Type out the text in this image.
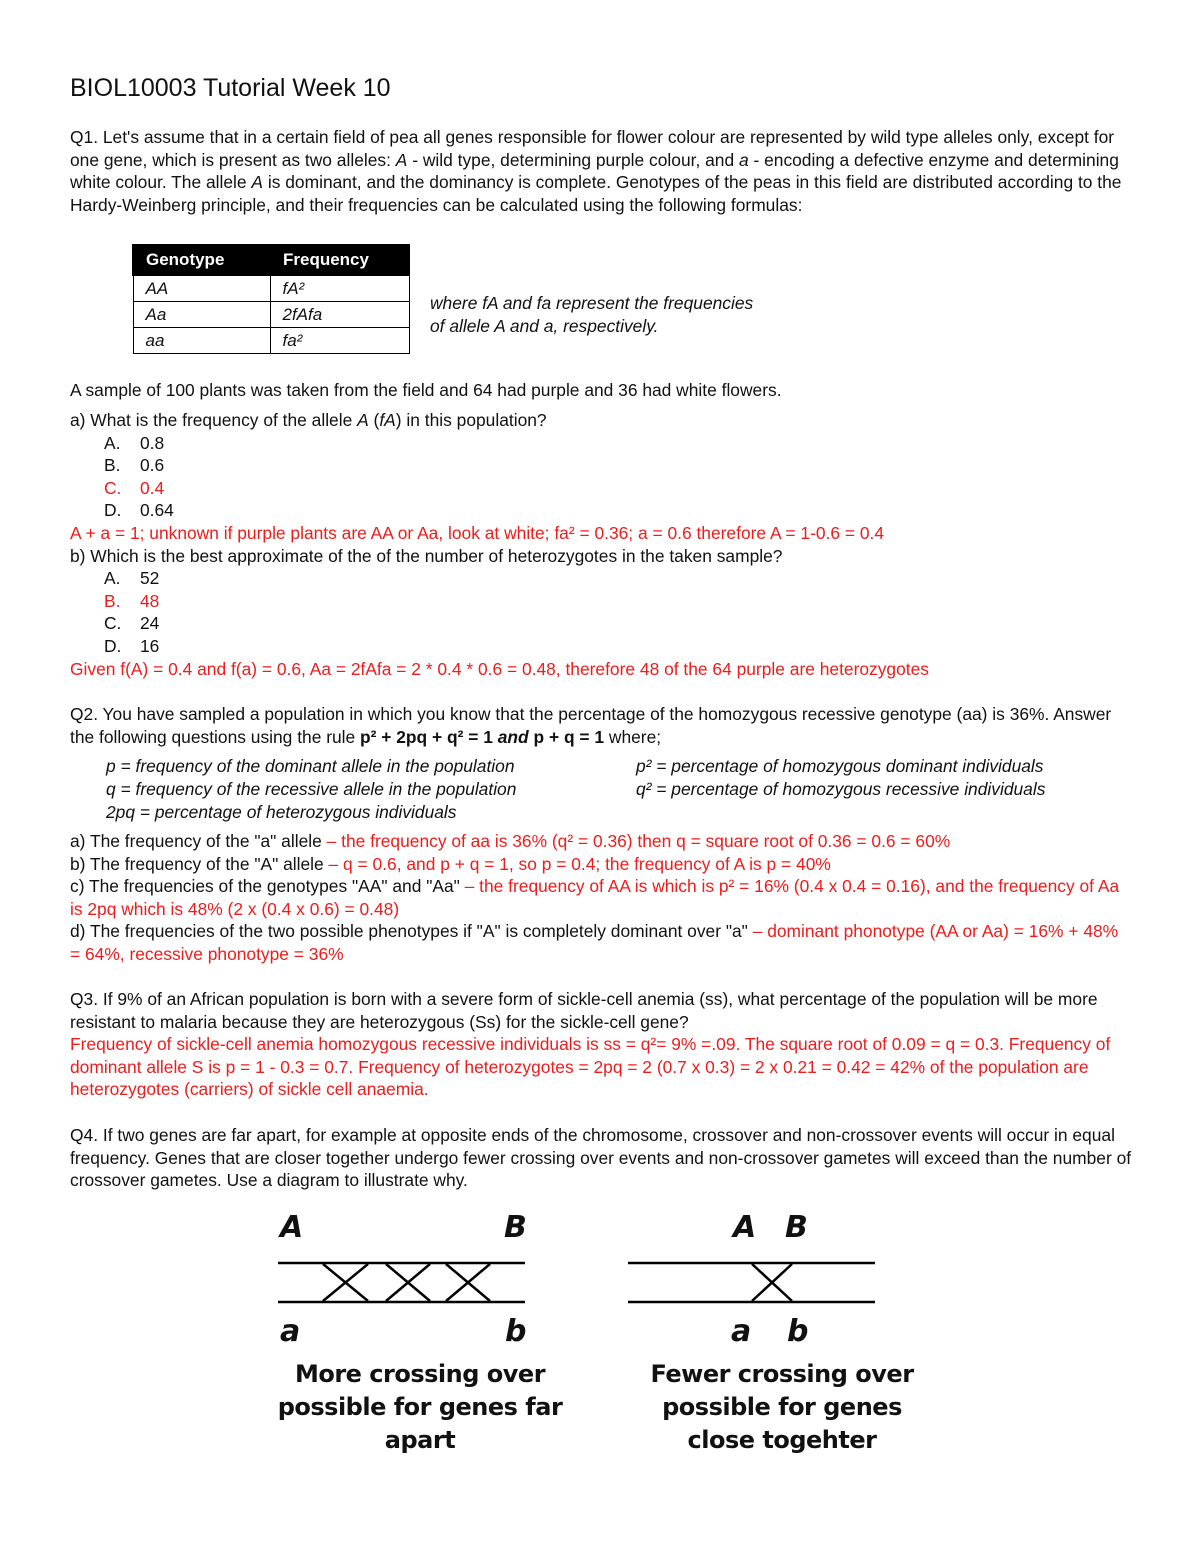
BIOL10003 Tutorial Week 10
Q1. Let's assume that in a certain field of pea all genes responsible for flower colour are represented by wild type alleles only, except for one gene, which is present as two alleles: A - wild type, determining purple colour, and a - encoding a defective enzyme and determining white colour. The allele A is dominant, and the dominancy is complete. Genotypes of the peas in this field are distributed according to the Hardy-Weinberg principle, and their frequencies can be calculated using the following formulas:
Genotype	Frequency
AA	fA²
Aa	2fAfa
aa	fa²
where fA and fa represent the frequencies
of allele A and a, respectively.
A sample of 100 plants was taken from the field and 64 had purple and 36 had white flowers.
a) What is the frequency of the allele A (fA) in this population?
A. 0.8
B. 0.6
C. 0.4
D. 0.64
A + a = 1; unknown if purple plants are AA or Aa, look at white; fa² = 0.36; a = 0.6 therefore A = 1-0.6 = 0.4
b) Which is the best approximate of the of the number of heterozygotes in the taken sample?
A. 52
B. 48
C. 24
D. 16
Given f(A) = 0.4 and f(a) = 0.6, Aa = 2fAfa = 2 * 0.4 * 0.6 = 0.48, therefore 48 of the 64 purple are heterozygotes
Q2. You have sampled a population in which you know that the percentage of the homozygous recessive genotype (aa) is 36%. Answer the following questions using the rule p² + 2pq + q² = 1 and p + q = 1 where;
p = frequency of the dominant allele in the population
q = frequency of the recessive allele in the population
2pq = percentage of heterozygous individuals
p² = percentage of homozygous dominant individuals
q² = percentage of homozygous recessive individuals
a) The frequency of the "a" allele – the frequency of aa is 36% (q² = 0.36) then q = square root of 0.36 = 0.6 = 60%
b) The frequency of the "A" allele – q = 0.6, and p + q = 1, so p = 0.4; the frequency of A is p = 40%
c) The frequencies of the genotypes "AA" and "Aa" – the frequency of AA is which is p² = 16% (0.4 x 0.4 = 0.16), and the frequency of Aa is 2pq which is 48% (2 x (0.4 x 0.6) = 0.48)
d) The frequencies of the two possible phenotypes if "A" is completely dominant over "a" – dominant phonotype (AA or Aa) = 16% + 48% = 64%, recessive phonotype = 36%
Q3. If 9% of an African population is born with a severe form of sickle-cell anemia (ss), what percentage of the population will be more resistant to malaria because they are heterozygous (Ss) for the sickle-cell gene?
Frequency of sickle-cell anemia homozygous recessive individuals is ss = q²= 9% =.09. The square root of 0.09 = q = 0.3. Frequency of dominant allele S is p = 1 - 0.3 = 0.7. Frequency of heterozygotes = 2pq = 2 (0.7 x 0.3) = 2 x 0.21 = 0.42 = 42% of the population are heterozygotes (carriers) of sickle cell anaemia.
Q4. If two genes are far apart, for example at opposite ends of the chromosome, crossover and non-crossover events will occur in equal frequency. Genes that are closer together undergo fewer crossing over events and non-crossover gametes will exceed than the number of crossover gametes. Use a diagram to illustrate why.
A	B
a	b
A B
a b
More crossing over
possible for genes far
apart
Fewer crossing over
possible for genes
close togehter
